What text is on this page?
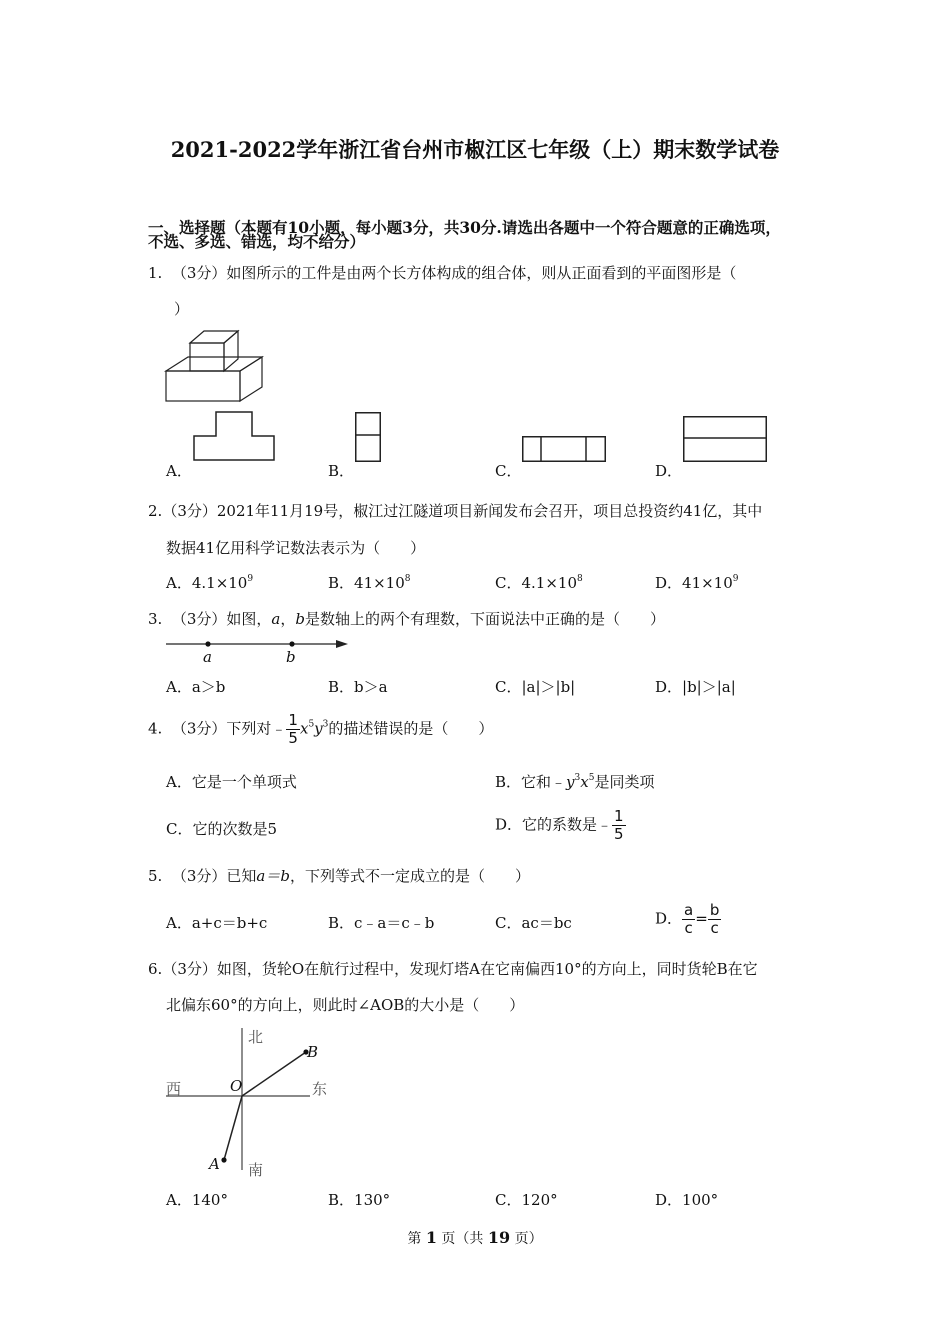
2021-2022学年浙江省台州市椒江区七年级（上）期末数学试卷
一、选择题（本题有10小题，每小题3分，共30分.请选出各题中一个符合题意的正确选项，
不选、多选、错选，均不给分）
1. （3分）如图所示的工件是由两个长方体构成的组合体，则从正面看到的平面图形是（
）
A．	B．	C．	D．
2.（3分）2021年11月19号，椒江过江隧道项目新闻发布会召开，项目总投资约41亿，其中
数据41亿用科学记数法表示为（　　）
A．$4.1\times 10^9$	B．$41\times 10^8$	C．$4.1\times 10^8$	D．$41\times 10^9$
3. （3分）如图，a，b是数轴上的两个有理数，下面说法中正确的是（　　）
a	b
A．a＞b	B．b＞a	C．|a|＞|b|	D．|b|＞|a|
4. （3分）下列对﹣ $\frac{1}{5} x^5y^3$的描述错误的是（　　）
A．它是一个单项式	B．它和$﹣y^3x^5$是同类项
C．它的次数是5	D．它的系数是﹣ $\frac{1}{5}$
5. （3分）已知a＝b，下列等式不一定成立的是（　　）
A．a+c＝b+c	B．c﹣a＝c﹣b	C．ac＝bc	D． $\frac{a}{c} = \frac{b}{c}$
6.（3分）如图，货轮O在航行过程中，发现灯塔A在它南偏西10°的方向上，同时货轮B在它
北偏东60°的方向上，则此时∠AOB的大小是（　　）
北
南
西	东
O
A
B
A．140°	B．130°	C．120°	D．100°
第 1 页（共 19 页）
